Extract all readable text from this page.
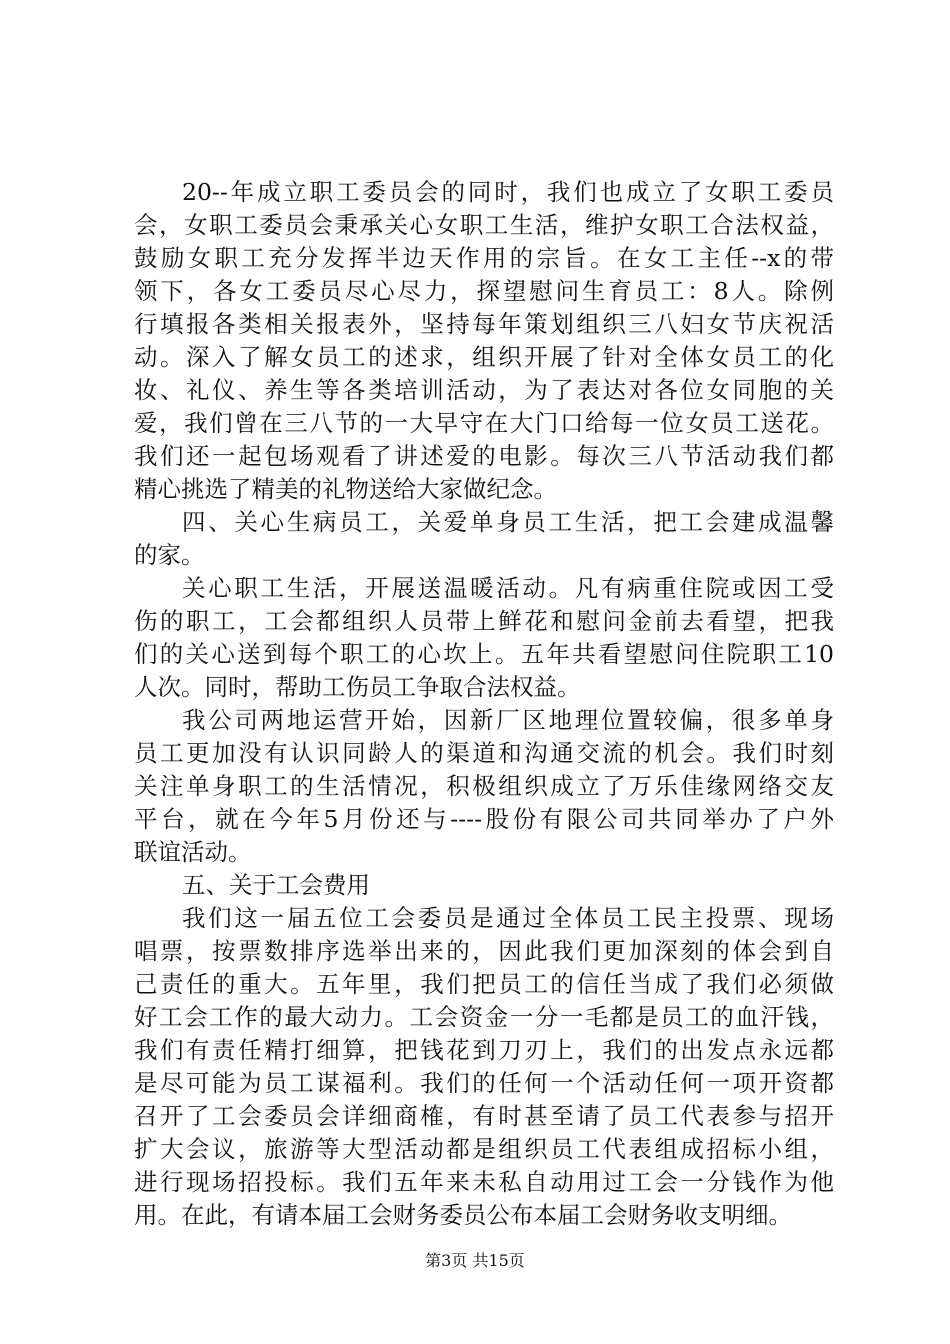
20--年成立职工委员会的同时，我们也成立了女职工委员
会，女职工委员会秉承关心女职工生活，维护女职工合法权益，
鼓励女职工充分发挥半边天作用的宗旨。在女工主任--x的带
领下，各女工委员尽心尽力，探望慰问生育员工：8人。除例
行填报各类相关报表外，坚持每年策划组织三八妇女节庆祝活
动。深入了解女员工的述求，组织开展了针对全体女员工的化
妆、礼仪、养生等各类培训活动，为了表达对各位女同胞的关
爱，我们曾在三八节的一大早守在大门口给每一位女员工送花。
我们还一起包场观看了讲述爱的电影。每次三八节活动我们都
精心挑选了精美的礼物送给大家做纪念。
四、关心生病员工，关爱单身员工生活，把工会建成温馨
的家。
关心职工生活，开展送温暖活动。凡有病重住院或因工受
伤的职工，工会都组织人员带上鲜花和慰问金前去看望，把我
们的关心送到每个职工的心坎上。五年共看望慰问住院职工10
人次。同时，帮助工伤员工争取合法权益。
我公司两地运营开始，因新厂区地理位置较偏，很多单身
员工更加没有认识同龄人的渠道和沟通交流的机会。我们时刻
关注单身职工的生活情况，积极组织成立了万乐佳缘网络交友
平台，就在今年5月份还与----股份有限公司共同举办了户外
联谊活动。
五、关于工会费用
我们这一届五位工会委员是通过全体员工民主投票、现场
唱票，按票数排序选举出来的，因此我们更加深刻的体会到自
己责任的重大。五年里，我们把员工的信任当成了我们必须做
好工会工作的最大动力。工会资金一分一毛都是员工的血汗钱，
我们有责任精打细算，把钱花到刀刃上，我们的出发点永远都
是尽可能为员工谋福利。我们的任何一个活动任何一项开资都
召开了工会委员会详细商榷，有时甚至请了员工代表参与招开
扩大会议，旅游等大型活动都是组织员工代表组成招标小组，
进行现场招投标。我们五年来未私自动用过工会一分钱作为他
用。在此，有请本届工会财务委员公布本届工会财务收支明细。
第3页 共15页
